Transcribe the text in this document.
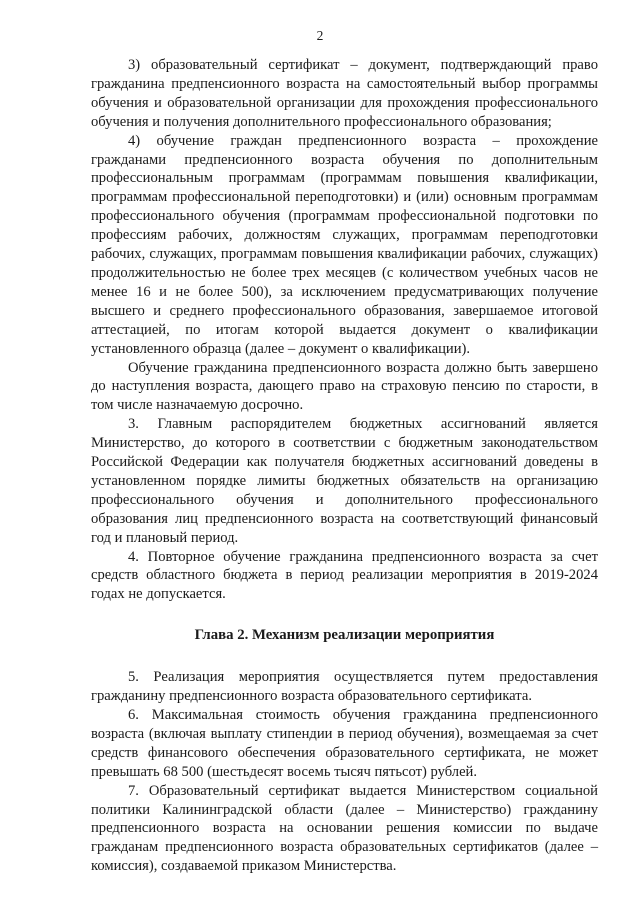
2

3) образовательный сертификат – документ, подтверждающий право гражданина предпенсионного возраста на самостоятельный выбор программы обучения и образовательной организации для прохождения профессионального обучения и получения дополнительного профессионального образования;

4) обучение граждан предпенсионного возраста – прохождение гражданами предпенсионного возраста обучения по дополнительным профессиональным программам (программам повышения квалификации, программам профессиональной переподготовки) и (или) основным программам профессионального обучения (программам профессиональной подготовки по профессиям рабочих, должностям служащих, программам переподготовки рабочих, служащих, программам повышения квалификации рабочих, служащих) продолжительностью не более трех месяцев (с количеством учебных часов не менее 16 и не более 500), за исключением предусматривающих получение высшего и среднего профессионального образования, завершаемое итоговой аттестацией, по итогам которой выдается документ о квалификации установленного образца (далее – документ о квалификации).

Обучение гражданина предпенсионного возраста должно быть завершено до наступления возраста, дающего право на страховую пенсию по старости, в том числе назначаемую досрочно.

3. Главным распорядителем бюджетных ассигнований является Министерство, до которого в соответствии с бюджетным законодательством Российской Федерации как получателя бюджетных ассигнований доведены в установленном порядке лимиты бюджетных обязательств на организацию профессионального обучения и дополнительного профессионального образования лиц предпенсионного возраста на соответствующий финансовый год и плановый период.

4. Повторное обучение гражданина предпенсионного возраста за счет средств областного бюджета в период реализации мероприятия в 2019-2024 годах не допускается.

Глава 2. Механизм реализации мероприятия

5. Реализация мероприятия осуществляется путем предоставления гражданину предпенсионного возраста образовательного сертификата.

6. Максимальная стоимость обучения гражданина предпенсионного возраста (включая выплату стипендии в период обучения), возмещаемая за счет средств финансового обеспечения образовательного сертификата, не может превышать 68 500 (шестьдесят восемь тысяч пятьсот) рублей.

7. Образовательный сертификат выдается Министерством социальной политики Калининградской области (далее – Министерство) гражданину предпенсионного возраста на основании решения комиссии по выдаче гражданам предпенсионного возраста образовательных сертификатов (далее – комиссия), создаваемой приказом Министерства.
